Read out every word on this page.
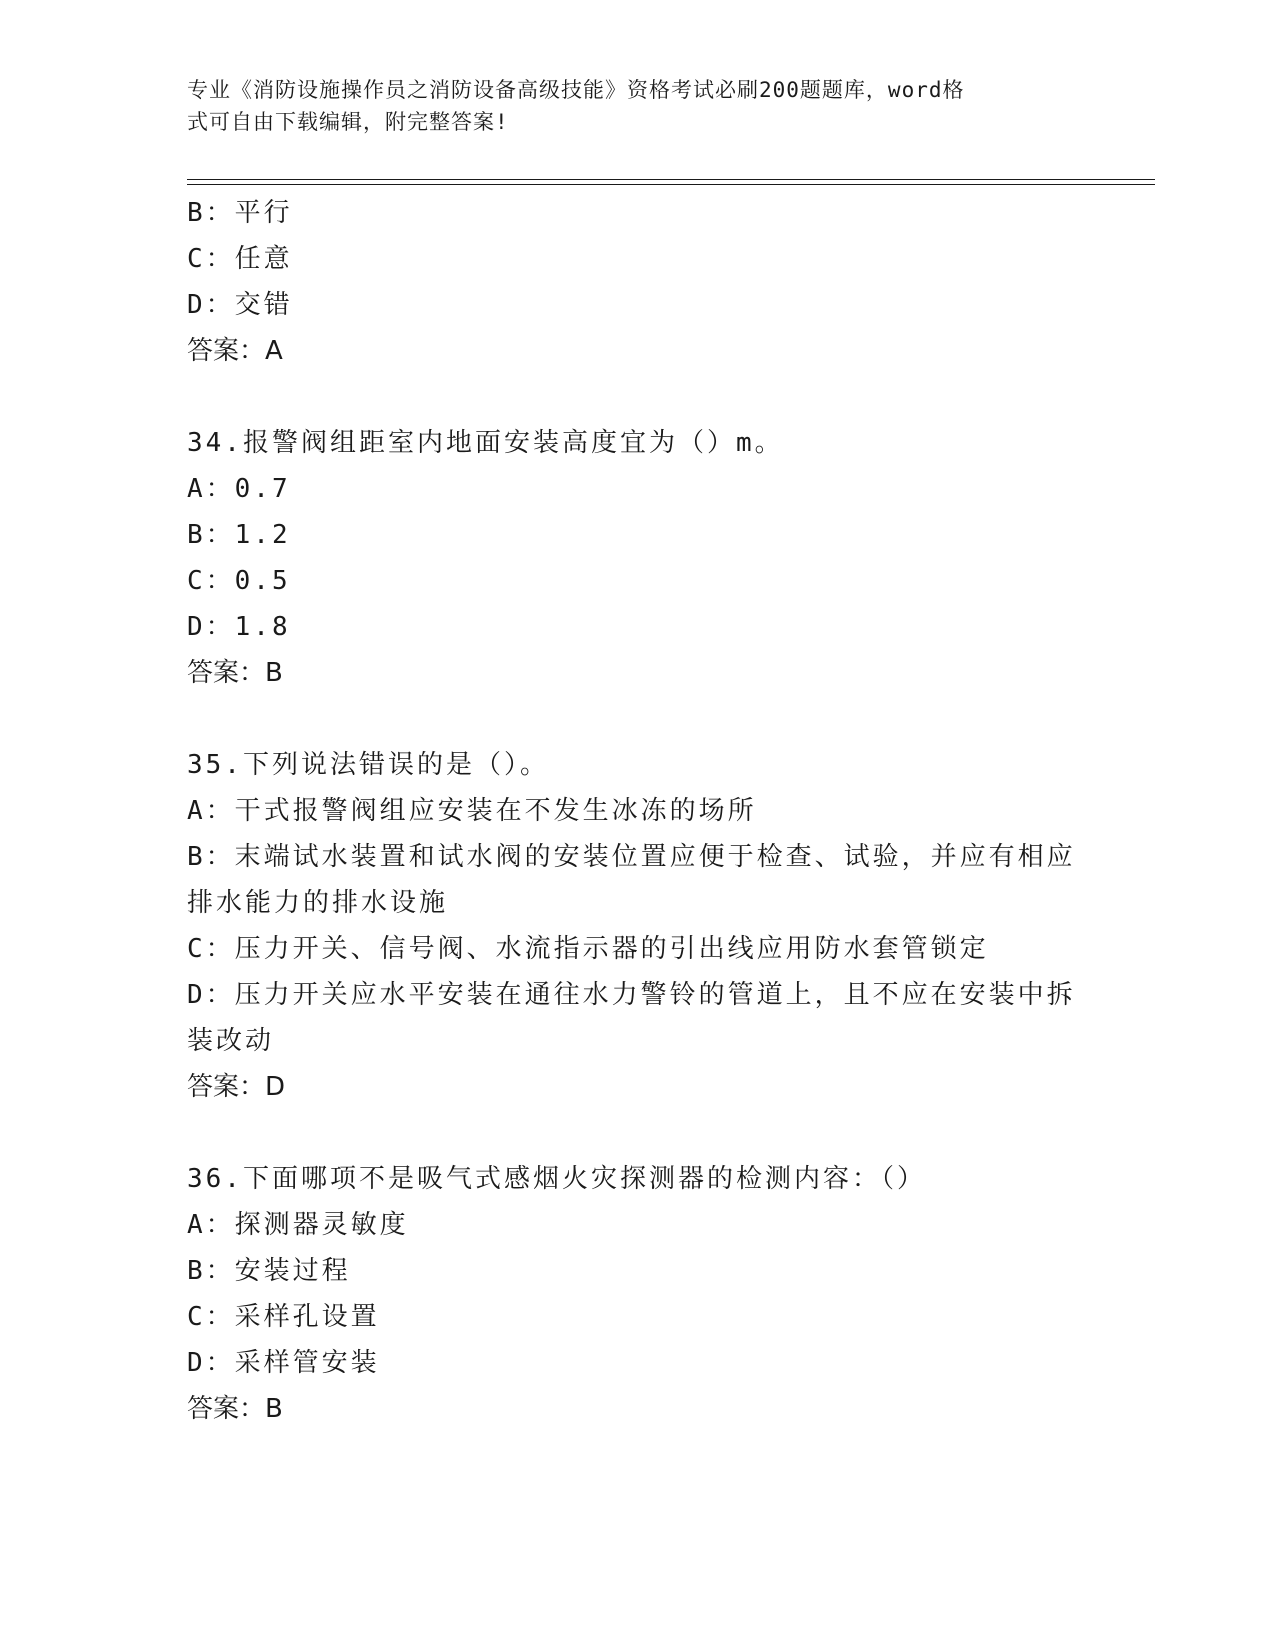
专业《消防设施操作员之消防设备高级技能》资格考试必刷200题题库，word格
式可自由下载编辑，附完整答案!
B：平行
C：任意
D：交错
答案：A
34.报警阀组距室内地面安装高度宜为（）m。
A：0.7
B：1.2
C：0.5
D：1.8
答案：B
35.下列说法错误的是（）。
A：干式报警阀组应安装在不发生冰冻的场所
B：末端试水装置和试水阀的安装位置应便于检查、试验，并应有相应
排水能力的排水设施
C：压力开关、信号阀、水流指示器的引出线应用防水套管锁定
D：压力开关应水平安装在通往水力警铃的管道上，且不应在安装中拆
装改动
答案：D
36.下面哪项不是吸气式感烟火灾探测器的检测内容：（）
A：探测器灵敏度
B：安装过程
C：采样孔设置
D：采样管安装
答案：B
